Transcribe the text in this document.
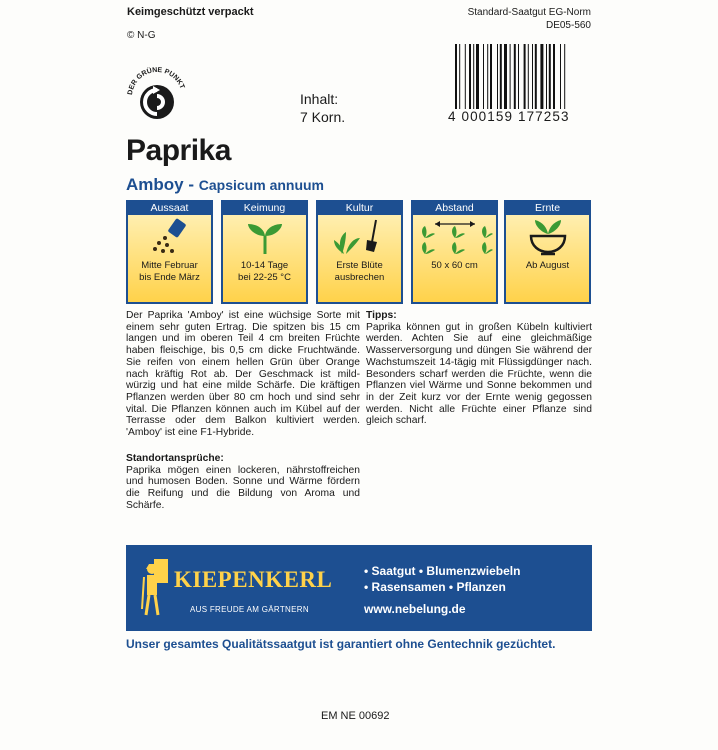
Keimgeschützt verpackt
© N-G
Standard-Saatgut EG-Norm
DE05-560
4 000159 177253
DER GRÜNE PUNKT
Inhalt:
7 Korn.
Paprika
Amboy - Capsicum annuum
Aussaat
Mitte Februar
bis Ende März
Keimung
10-14 Tage
bei 22-25 °C
Kultur
Erste Blüte
ausbrechen
Abstand
50 x 60 cm
Ernte
Ab August
Der Paprika 'Amboy' ist eine wüchsige Sorte mit einem sehr guten Ertrag. Die spitzen bis 15 cm langen und im oberen Teil 4 cm breiten Früchte haben fleischige, bis 0,5 cm dicke Fruchtwände. Sie reifen von einem hellen Grün über Orange nach kräftig Rot ab. Der Geschmack ist mild-würzig und hat eine milde Schärfe. Die kräftigen Pflanzen werden über 80 cm hoch und sind sehr vital. Die Pflanzen können auch im Kübel auf der Terrasse oder dem Balkon kultiviert werden. 'Amboy' ist eine F1-Hybride.
Standortansprüche:
Paprika mögen einen lockeren, nährstoffreichen und humosen Boden. Sonne und Wärme fördern die Reifung und die Bildung von Aroma und Schärfe.
Tipps:
Paprika können gut in großen Kübeln kultiviert werden. Achten Sie auf eine gleichmäßige Wasserversorgung und düngen Sie während der Wachstumszeit 14-tägig mit Flüssigdünger nach. Besonders scharf werden die Früchte, wenn die Pflanzen viel Wärme und Sonne bekommen und in der Zeit kurz vor der Ernte wenig gegossen werden. Nicht alle Früchte einer Pflanze sind gleich scharf.
KIEPENKERL
AUS FREUDE AM GÄRTNERN
• Saatgut • Blumenzwiebeln
• Rasensamen • Pflanzen
www.nebelung.de
Unser gesamtes Qualitätssaatgut ist garantiert ohne Gentechnik gezüchtet.
EM NE 00692
